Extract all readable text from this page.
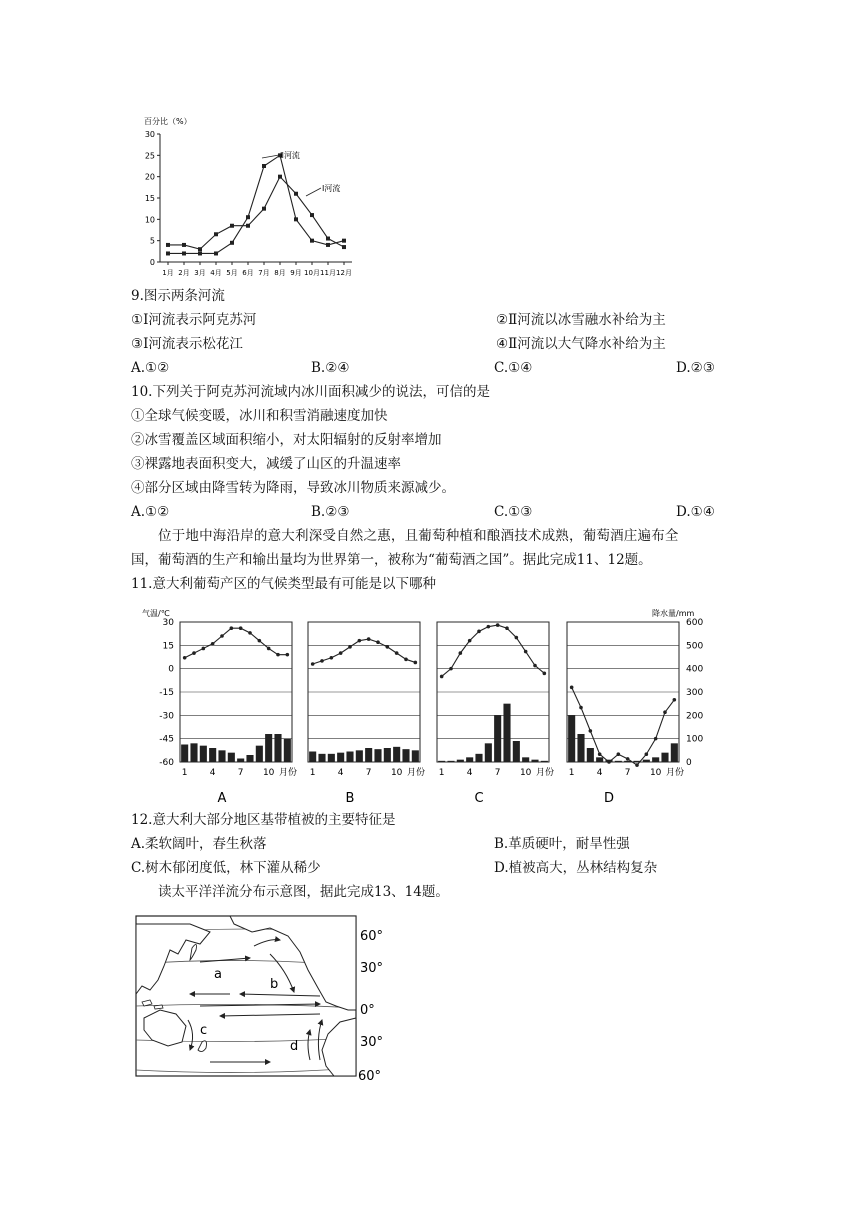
百分比（%）
30
25
20
15
10
5
0
1月 2月 3月 4月 5月 6月 7月 8月 9月 10月 11月 12月
Ⅱ河流
Ⅰ河流
9.图示两条河流
①Ⅰ河流表示阿克苏河	②Ⅱ河流以冰雪融水补给为主
③Ⅰ河流表示松花江	④Ⅱ河流以大气降水补给为主
A.①②	B.②④	C.①④	D.②③
10.下列关于阿克苏河流域内冰川面积减少的说法，可信的是
①全球气候变暖，冰川和积雪消融速度加快
②冰雪覆盖区域面积缩小，对太阳辐射的反射率增加
③裸露地表面积变大，减缓了山区的升温速率
④部分区域由降雪转为降雨，导致冰川物质来源减少。
A.①②	B.②③	C.①③	D.①④
位于地中海沿岸的意大利深受自然之惠，且葡萄种植和酿酒技术成熟，葡萄酒庄遍布全
国，葡萄酒的生产和输出量均为世界第一，被称为“葡萄酒之国”。据此完成11、12题。
11.意大利葡萄产区的气候类型最有可能是以下哪种
气温/℃	降水量/mm
30
15
0
-15
-30
-45
-60
600
500
400
300
200
100
0
1 4 7 10 月份
A
1 4 7 10 月份
B
1 4 7 10 月份
C
1 4 7 10 月份
D
12.意大利大部分地区基带植被的主要特征是
A.柔软阔叶，春生秋落	B.革质硬叶，耐旱性强
C.树木郁闭度低，林下灌从稀少	D.植被高大，丛林结构复杂
读太平洋洋流分布示意图，据此完成13、14题。
a
b
c
d
60°
30°
0°
30°
60°
